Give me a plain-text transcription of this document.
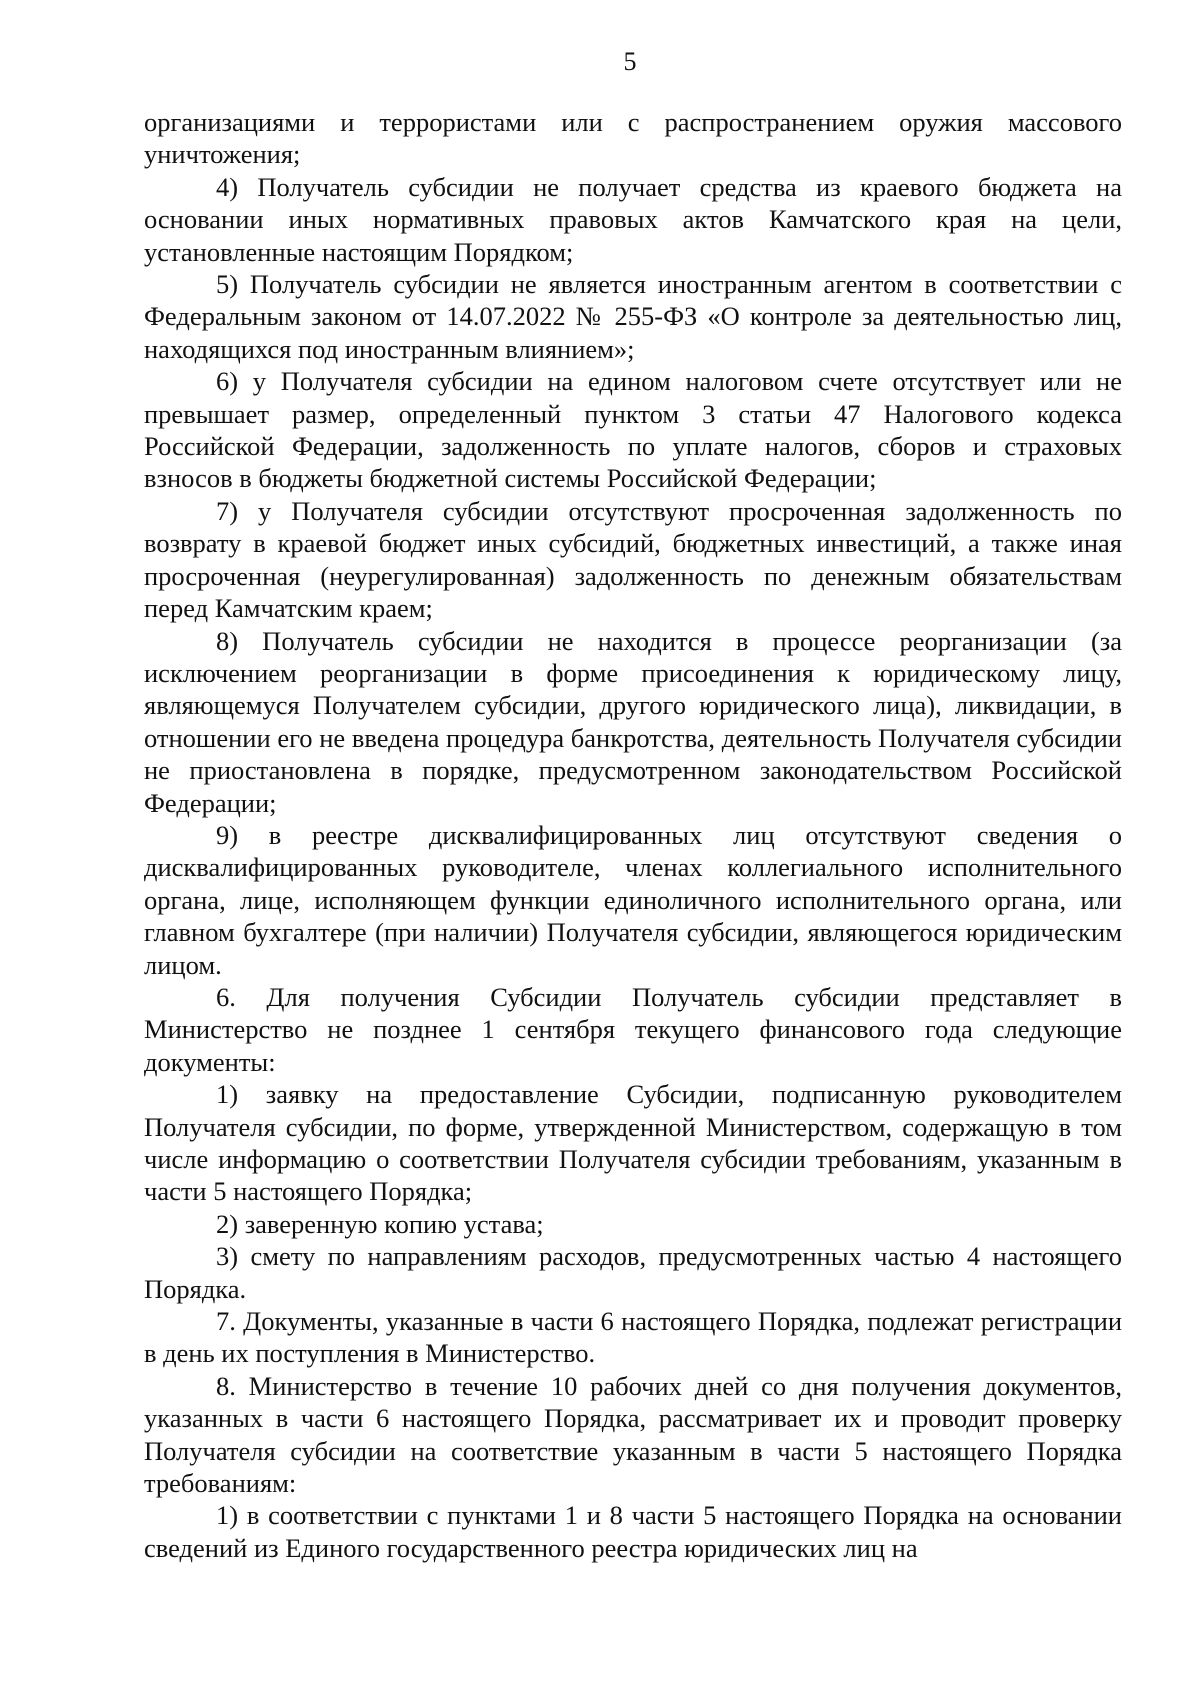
5

организациями и террористами или с распространением оружия массового уничтожения;

4) Получатель субсидии не получает средства из краевого бюджета на основании иных нормативных правовых актов Камчатского края на цели, установленные настоящим Порядком;

5) Получатель субсидии не является иностранным агентом в соответствии с Федеральным законом от 14.07.2022 № 255-ФЗ «О контроле за деятельностью лиц, находящихся под иностранным влиянием»;

6) у Получателя субсидии на едином налоговом счете отсутствует или не превышает размер, определенный пунктом 3 статьи 47 Налогового кодекса Российской Федерации, задолженность по уплате налогов, сборов и страховых взносов в бюджеты бюджетной системы Российской Федерации;

7) у Получателя субсидии отсутствуют просроченная задолженность по возврату в краевой бюджет иных субсидий, бюджетных инвестиций, а также иная просроченная (неурегулированная) задолженность по денежным обязательствам перед Камчатским краем;

8) Получатель субсидии не находится в процессе реорганизации (за исключением реорганизации в форме присоединения к юридическому лицу, являющемуся Получателем субсидии, другого юридического лица), ликвидации, в отношении его не введена процедура банкротства, деятельность Получателя субсидии не приостановлена в порядке, предусмотренном законодательством Российской Федерации;

9) в реестре дисквалифицированных лиц отсутствуют сведения о дисквалифицированных руководителе, членах коллегиального исполнительного органа, лице, исполняющем функции единоличного исполнительного органа, или главном бухгалтере (при наличии) Получателя субсидии, являющегося юридическим лицом.

6. Для получения Субсидии Получатель субсидии представляет в Министерство не позднее 1 сентября текущего финансового года следующие документы:

1) заявку на предоставление Субсидии, подписанную руководителем Получателя субсидии, по форме, утвержденной Министерством, содержащую в том числе информацию о соответствии Получателя субсидии требованиям, указанным в части 5 настоящего Порядка;

2) заверенную копию устава;

3) смету по направлениям расходов, предусмотренных частью 4 настоящего Порядка.

7. Документы, указанные в части 6 настоящего Порядка, подлежат регистрации в день их поступления в Министерство.

8. Министерство в течение 10 рабочих дней со дня получения документов, указанных в части 6 настоящего Порядка, рассматривает их и проводит проверку Получателя субсидии на соответствие указанным в части 5 настоящего Порядка требованиям:

1) в соответствии с пунктами 1 и 8 части 5 настоящего Порядка на основании сведений из Единого государственного реестра юридических лиц на
